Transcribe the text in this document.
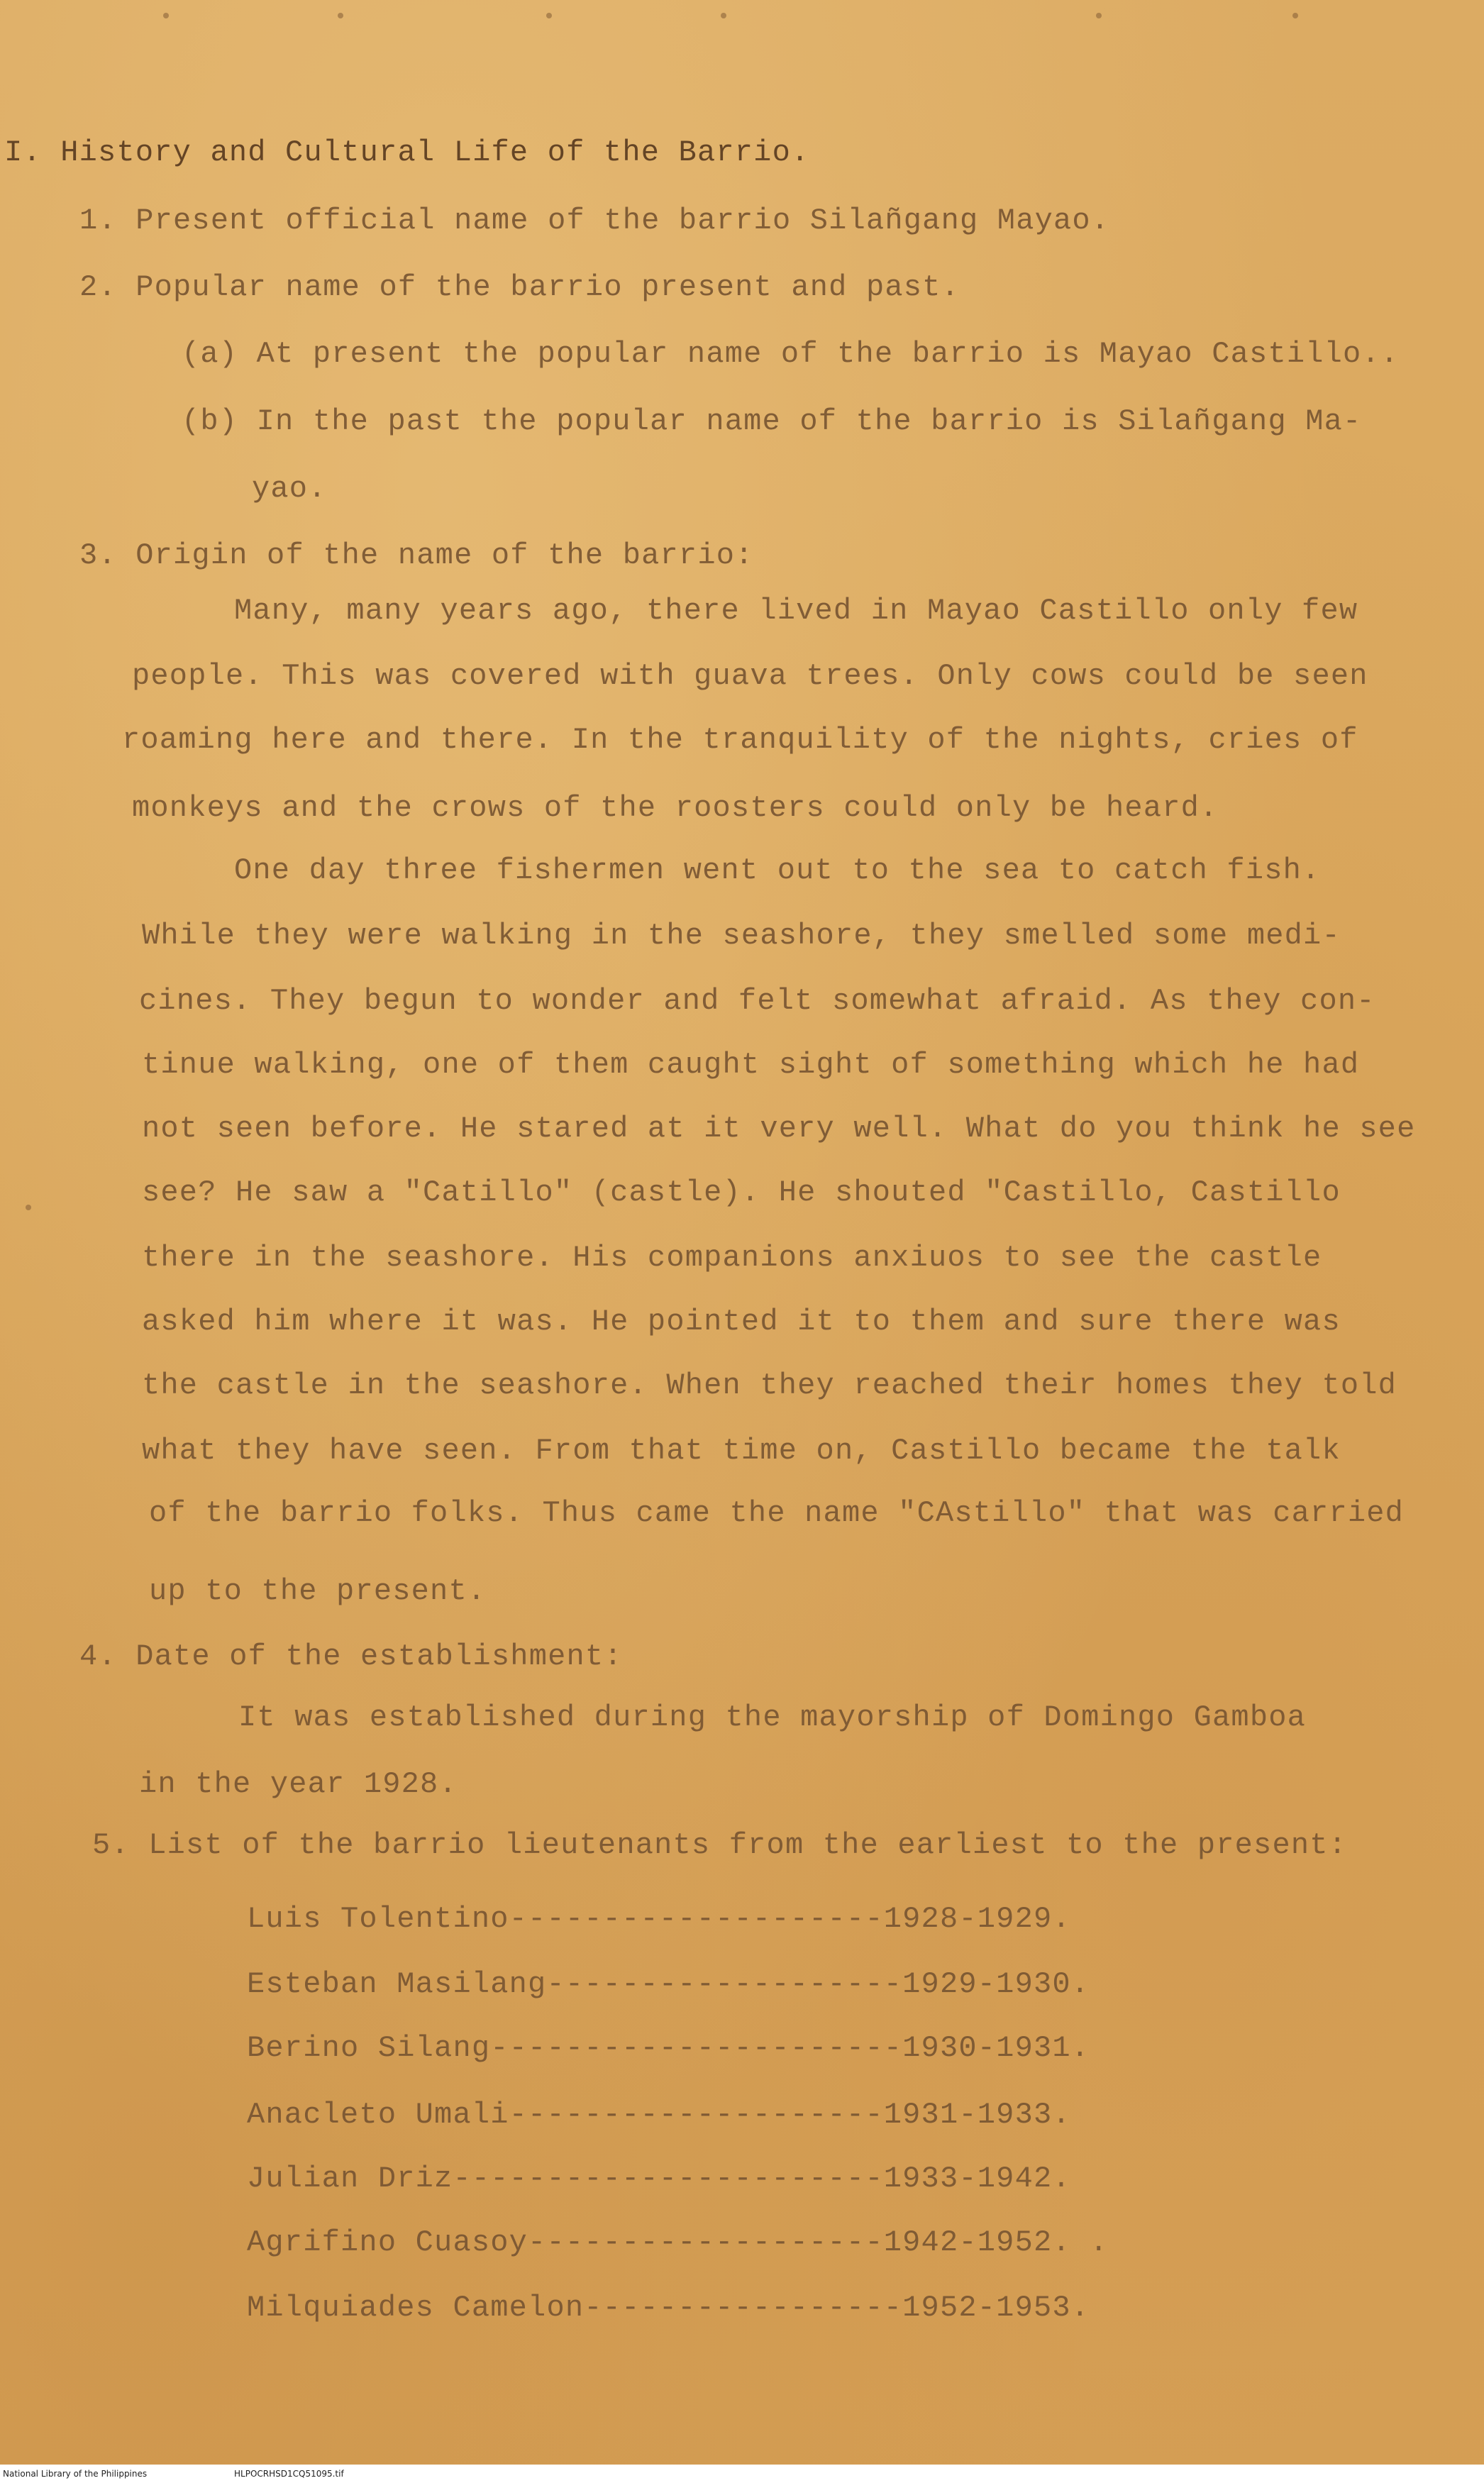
I. History and Cultural Life of the Barrio.
1. Present official name of the barrio Silañgang Mayao.
2. Popular name of the barrio present and past.
(a) At present the popular name of the barrio is Mayao Castillo..
(b) In the past the popular name of the barrio is Silañgang Ma-
yao.
3. Origin of the name of the barrio:
Many, many years ago, there lived in Mayao Castillo only few
people. This was covered with guava trees. Only cows could be seen
roaming here and there. In the tranquility of the nights, cries of
monkeys and the crows of the roosters could only be heard.
One day three fishermen went out to the sea to catch fish.
While they were walking in the seashore, they smelled some medi-
cines. They begun to wonder and felt somewhat afraid. As they con-
tinue walking, one of them caught sight of something which he had
not seen before. He stared at it very well. What do you think he see
see? He saw a "Catillo" (castle). He shouted "Castillo, Castillo
there in the seashore. His companions anxiuos to see the castle
asked him where it was. He pointed it to them and sure there was
the castle in the seashore. When they reached their homes they told
what they have seen. From that time on, Castillo became the talk
of the barrio folks. Thus came the name "CAstillo" that was carried
up to the present.
4. Date of the establishment:
It was established during the mayorship of Domingo Gamboa
in the year 1928.
5. List of the barrio lieutenants from the earliest to the present:
Luis Tolentino--------------------1928-1929.
Esteban Masilang-------------------1929-1930.
Berino Silang----------------------1930-1931.
Anacleto Umali--------------------1931-1933.
Julian Driz-----------------------1933-1942.
Agrifino Cuasoy-------------------1942-1952. .
Milquiades Camelon-----------------1952-1953.
National Library of the Philippines	HLPOCRHSD1CQ51095.tif
